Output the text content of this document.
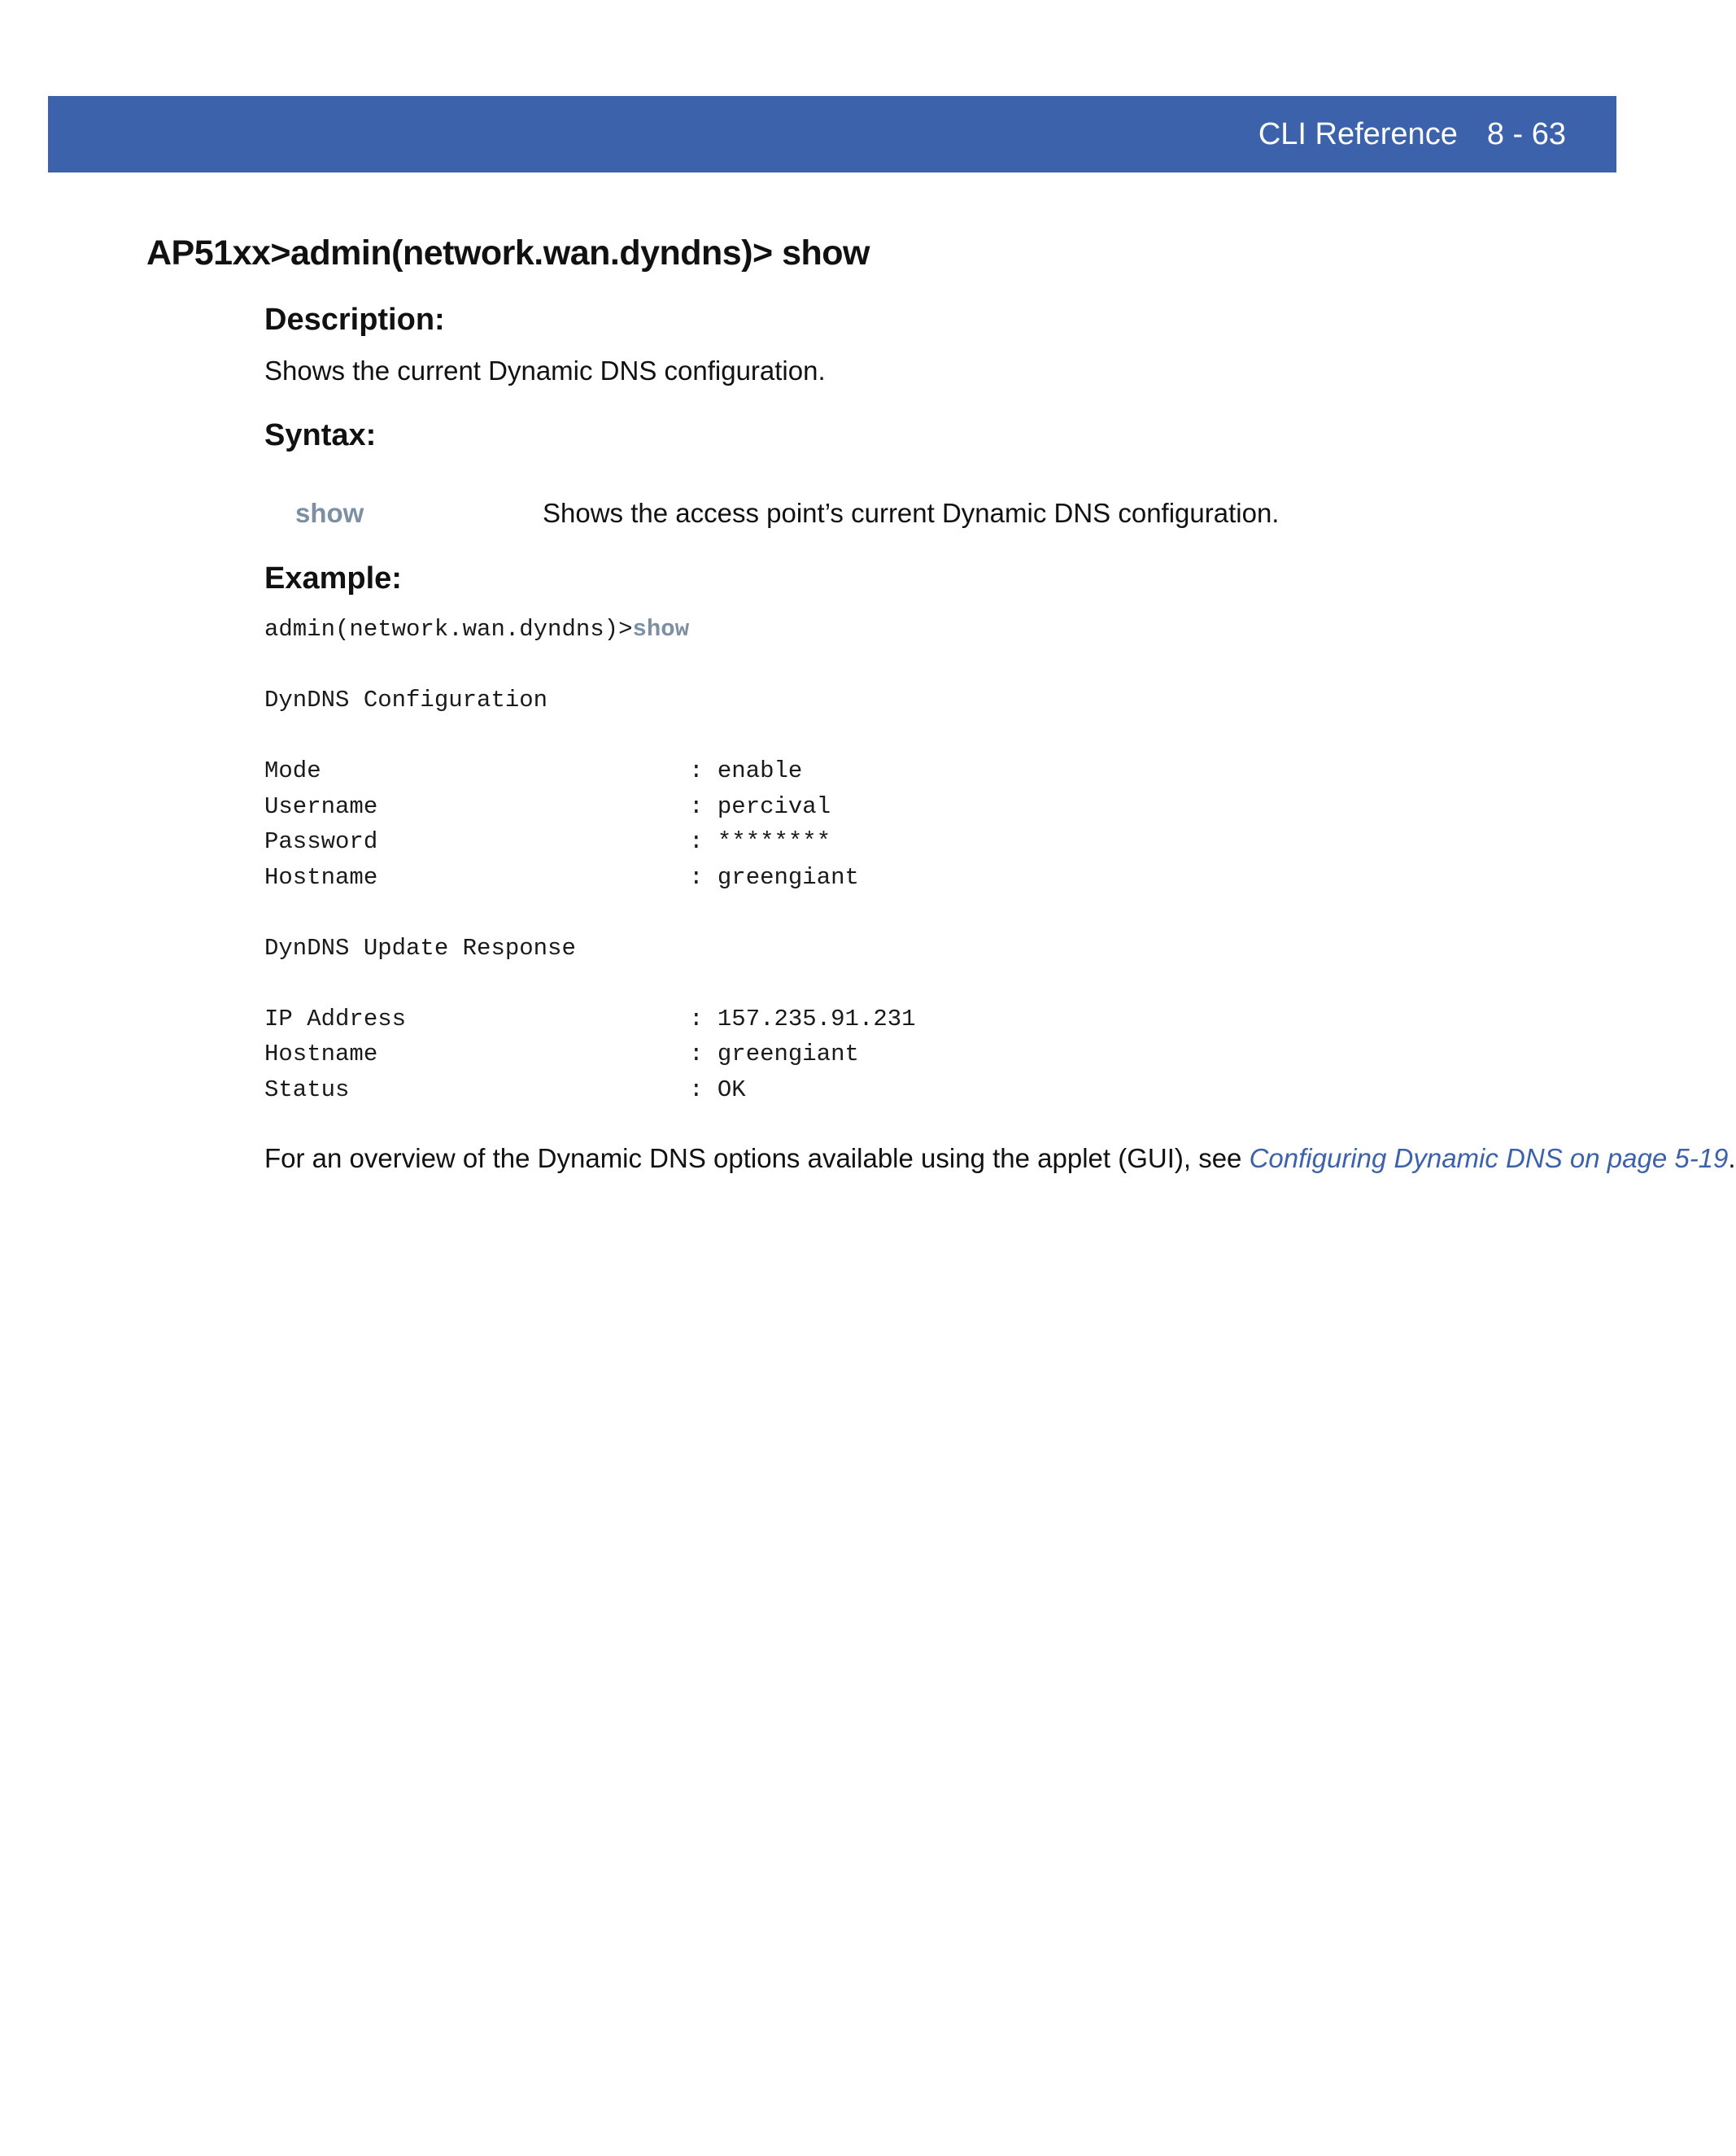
CLI Reference 8 - 63
AP51xx>admin(network.wan.dyndns)> show
Description:

Shows the current Dynamic DNS configuration.

Syntax:
show	Shows the access point’s current Dynamic DNS configuration.
Example:
admin(network.wan.dyndns)>show

DynDNS Configuration

Mode                          : enable
Username                      : percival
Password                      : ********
Hostname                      : greengiant

DynDNS Update Response

IP Address                    : 157.235.91.231
Hostname                      : greengiant
Status                        : OK

For an overview of the Dynamic DNS options available using the applet (GUI), see Configuring Dynamic DNS on page 5-19.
